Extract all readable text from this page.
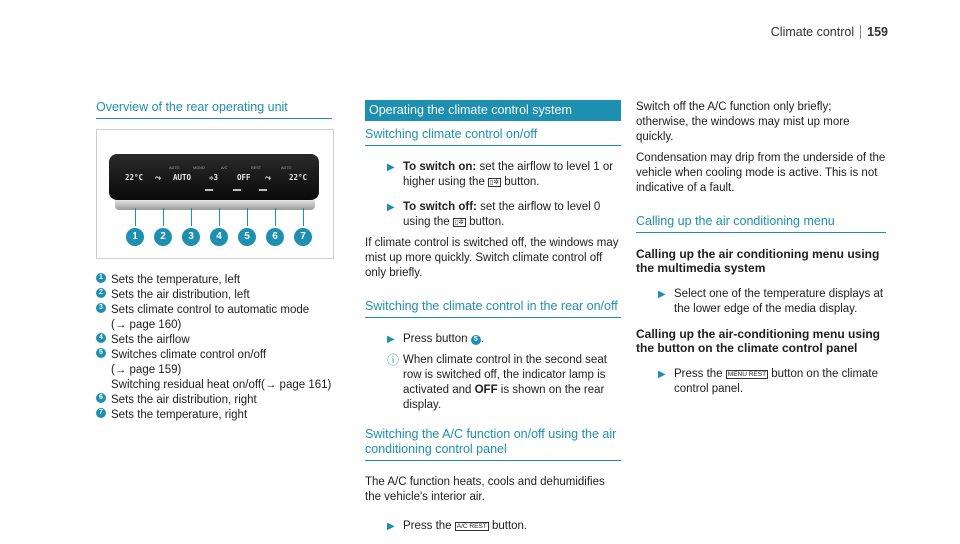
Climate control 159
Overview of the rear operating unit
AUTO	MONO	A/C	REST	AUTO
22°C ⤳ AUTO ✲3	OFF ⤳ 22°C
1	2	3	4	5	6	7
1 Sets the temperature, left
2 Sets the air distribution, left
3 Sets climate control to automatic mode
(→ page 160)
4 Sets the airflow
5 Switches climate control on/off
(→ page 159)
Switching residual heat on/off(→ page 161)
6 Sets the air distribution, right
7 Sets the temperature, right
Operating the climate control system
Switching climate control on/off
▶ To switch on: set the airflow to level 1 or higher using the ▯✲ button.
▶ To switch off: set the airflow to level 0 using the ▯✲ button.
If climate control is switched off, the windows may mist up more quickly. Switch climate control off only briefly.
Switching the climate control in the rear on/off
▶ Press button 5 .
ⓘ When climate control in the second seat row is switched off, the indicator lamp is activated and OFF is shown on the rear display.
Switching the A/C function on/off using the air conditioning control panel
The A/C function heats, cools and dehumidifies the vehicle's interior air.
▶ Press the A/C REST button.
Switch off the A/C function only briefly; otherwise, the windows may mist up more quickly.
Condensation may drip from the underside of the vehicle when cooling mode is active. This is not indicative of a fault.
Calling up the air conditioning menu
Calling up the air conditioning menu using the multimedia system
▶ Select one of the temperature displays at the lower edge of the media display.
Calling up the air-conditioning menu using the button on the climate control panel
▶ Press the MENU REST button on the climate control panel.
